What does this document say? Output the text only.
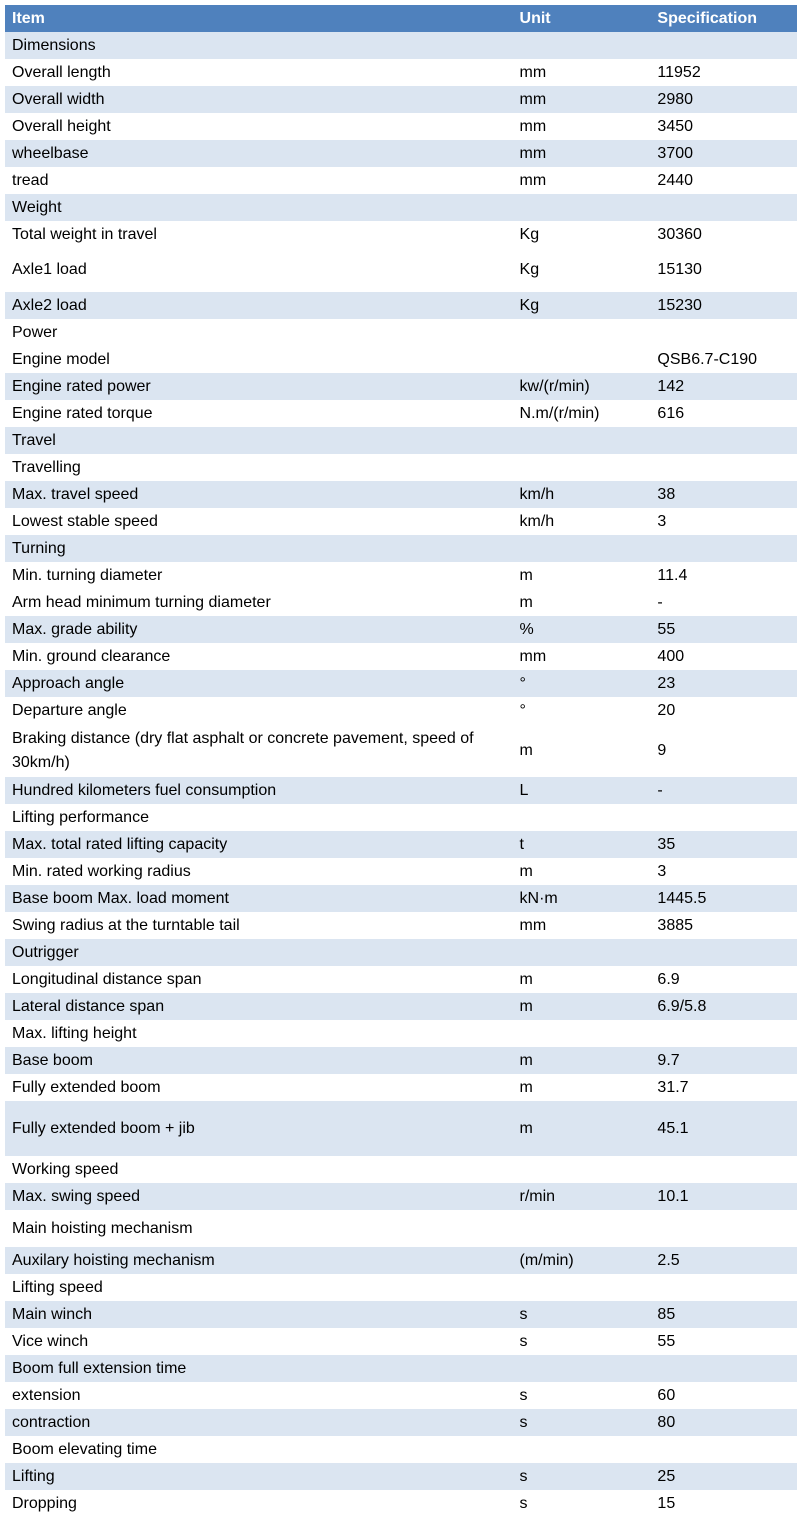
Item	Unit	Specification
Dimensions		
Overall length	mm	11952
Overall width	mm	2980
Overall height	mm	3450
wheelbase	mm	3700
tread	mm	2440
Weight		
Total weight in travel	Kg	30360
Axle1 load	Kg	15130
Axle2 load	Kg	15230
Power		
Engine model		QSB6.7-C190
Engine rated power	kw/(r/min)	142
Engine rated torque	N.m/(r/min)	616
Travel		
Travelling		
Max. travel speed	km/h	38
Lowest stable speed	km/h	3
Turning		
Min. turning diameter	m	11.4
Arm head minimum turning diameter	m	-
Max. grade ability	%	55
Min. ground clearance	mm	400
Approach angle	°	23
Departure angle	°	20
Braking distance (dry flat asphalt or concrete pavement, speed of 30km/h)	m	9
Hundred kilometers fuel consumption	L	-
Lifting performance		
Max. total rated lifting capacity	t	35
Min. rated working radius	m	3
Base boom Max. load moment	kN·m	1445.5
Swing radius at the turntable tail	mm	3885
Outrigger		
Longitudinal distance span	m	6.9
Lateral distance span	m	6.9/5.8
Max. lifting height		
Base boom	m	9.7
Fully extended boom	m	31.7
Fully extended boom + jib	m	45.1
Working speed		
Max. swing speed	r/min	10.1
Main hoisting mechanism		
Auxilary hoisting mechanism	(m/min)	2.5
Lifting speed		
Main winch	s	85
Vice winch	s	55
Boom full extension time		
extension	s	60
contraction	s	80
Boom elevating time		
Lifting	s	25
Dropping	s	15
